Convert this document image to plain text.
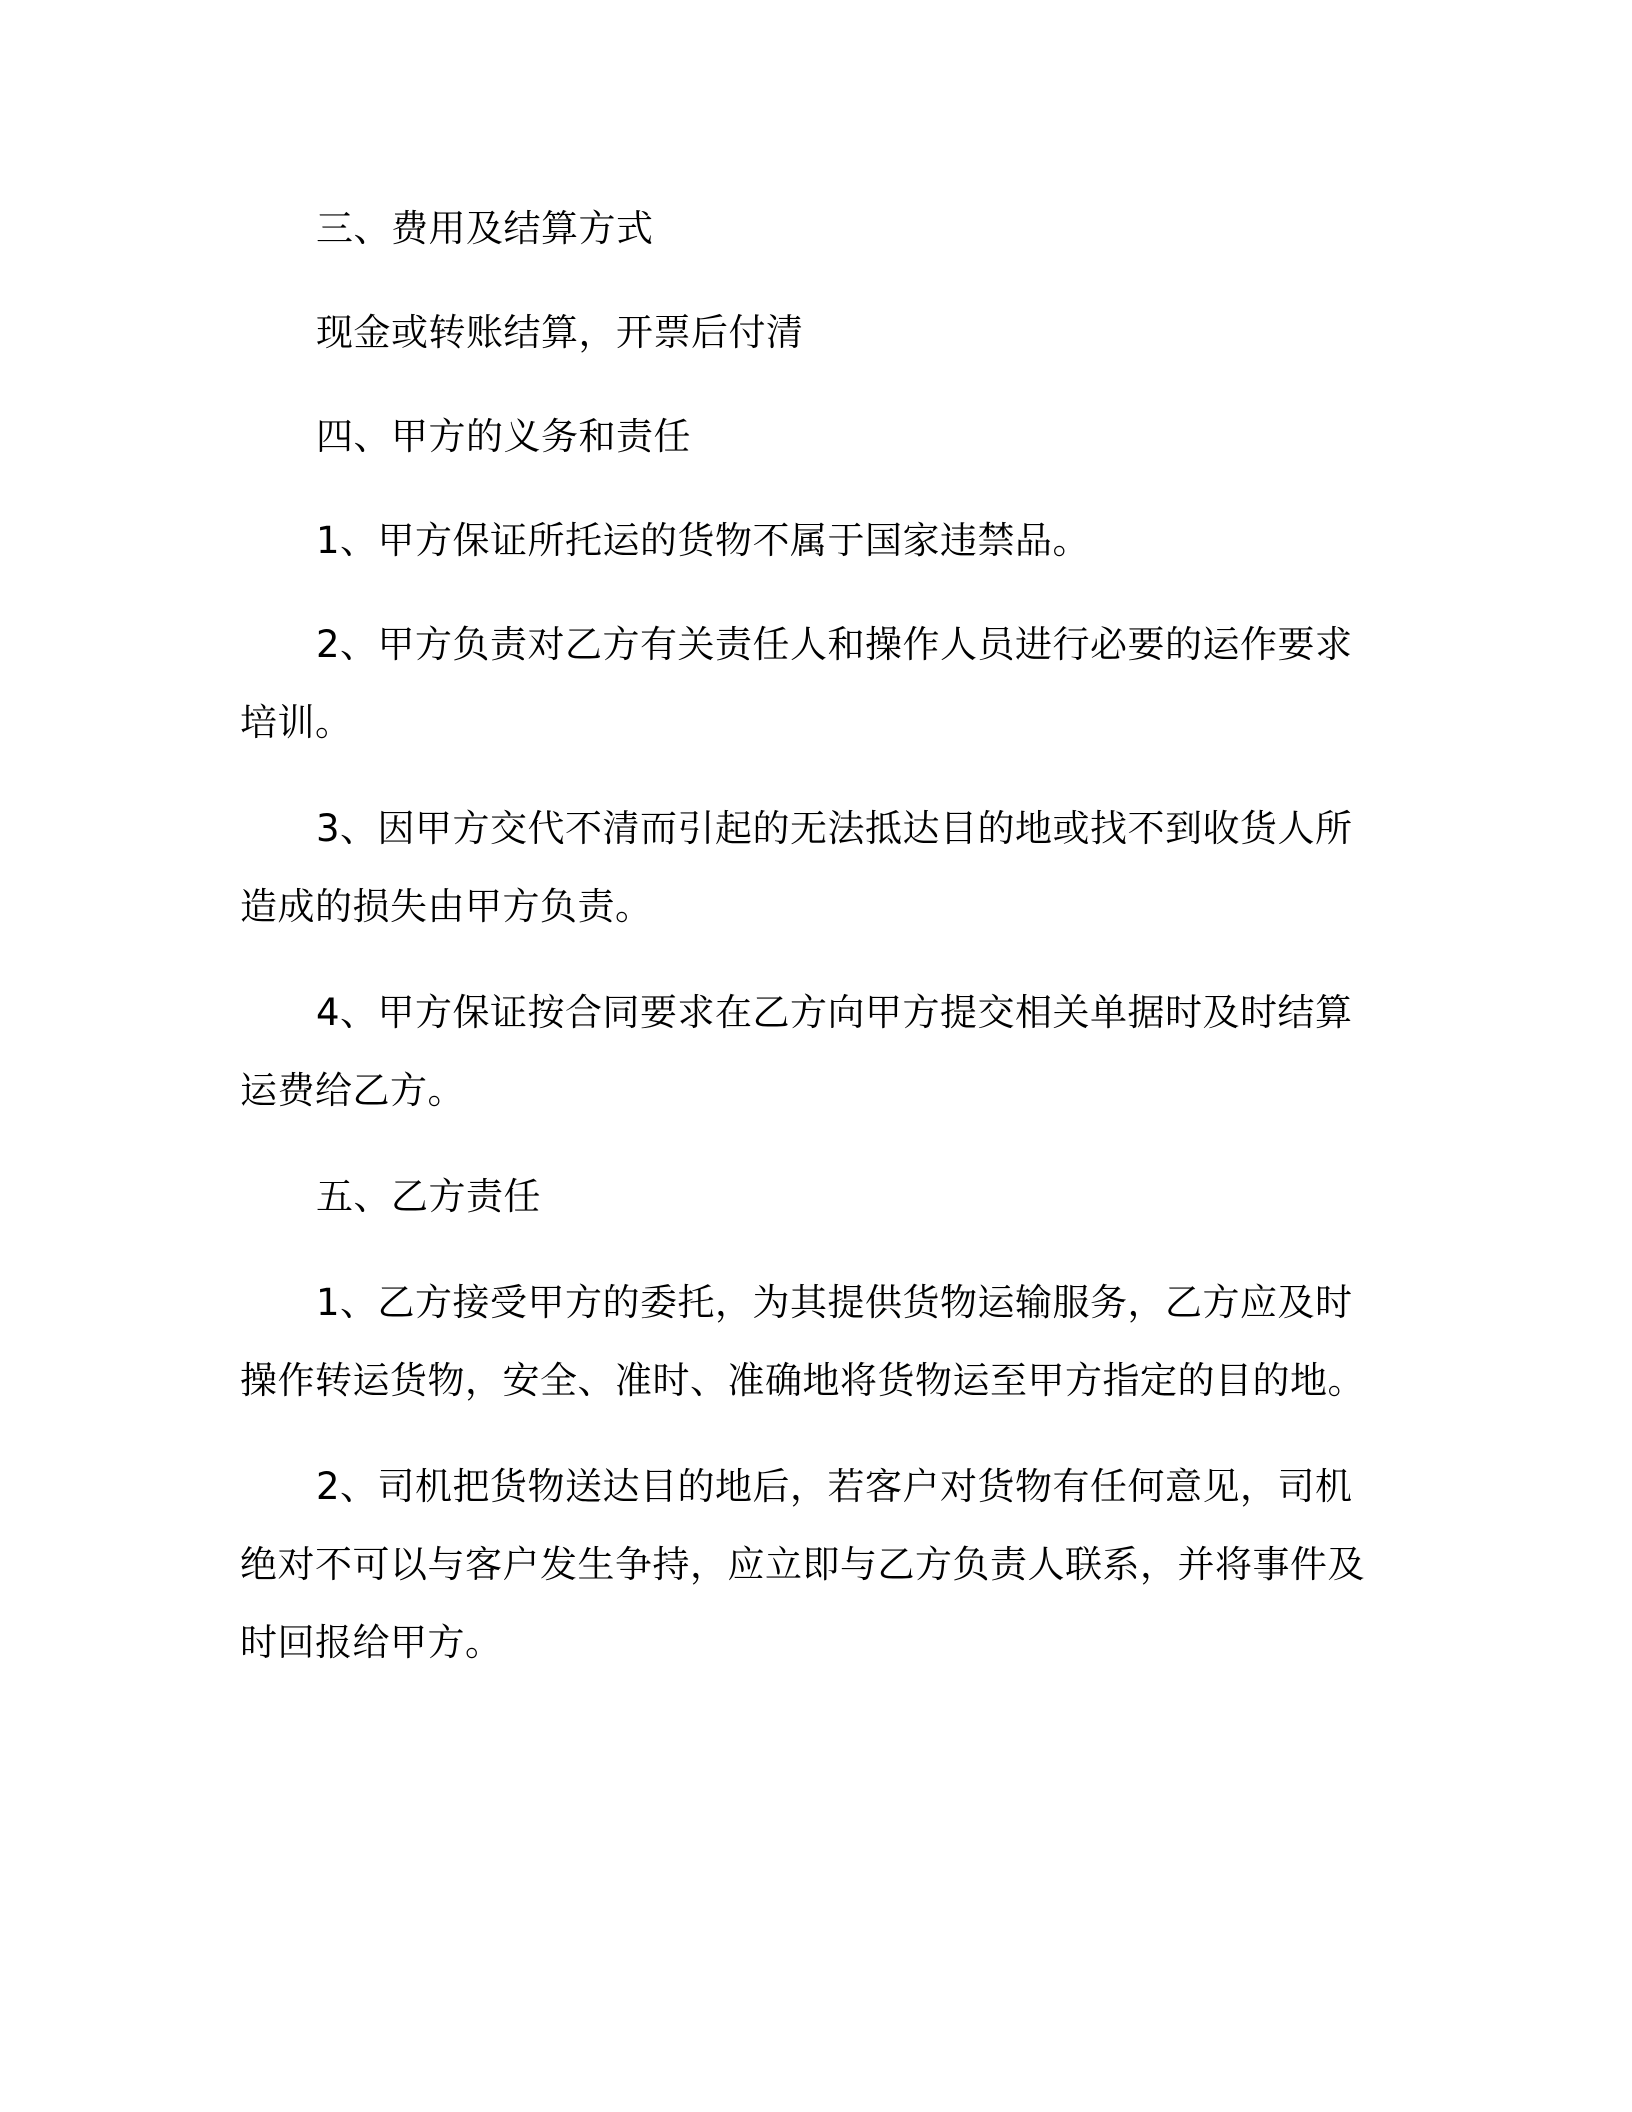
三、费用及结算方式

现金或转账结算，开票后付清

四、甲方的义务和责任

1、甲方保证所托运的货物不属于国家违禁品。

2、甲方负责对乙方有关责任人和操作人员进行必要的运作要求培训。

3、因甲方交代不清而引起的无法抵达目的地或找不到收货人所造成的损失由甲方负责。

4、甲方保证按合同要求在乙方向甲方提交相关单据时及时结算运费给乙方。

五、乙方责任

1、乙方接受甲方的委托，为其提供货物运输服务，乙方应及时操作转运货物，安全、准时、准确地将货物运至甲方指定的目的地。

2、司机把货物送达目的地后，若客户对货物有任何意见，司机绝对不可以与客户发生争持，应立即与乙方负责人联系，并将事件及时回报给甲方。
